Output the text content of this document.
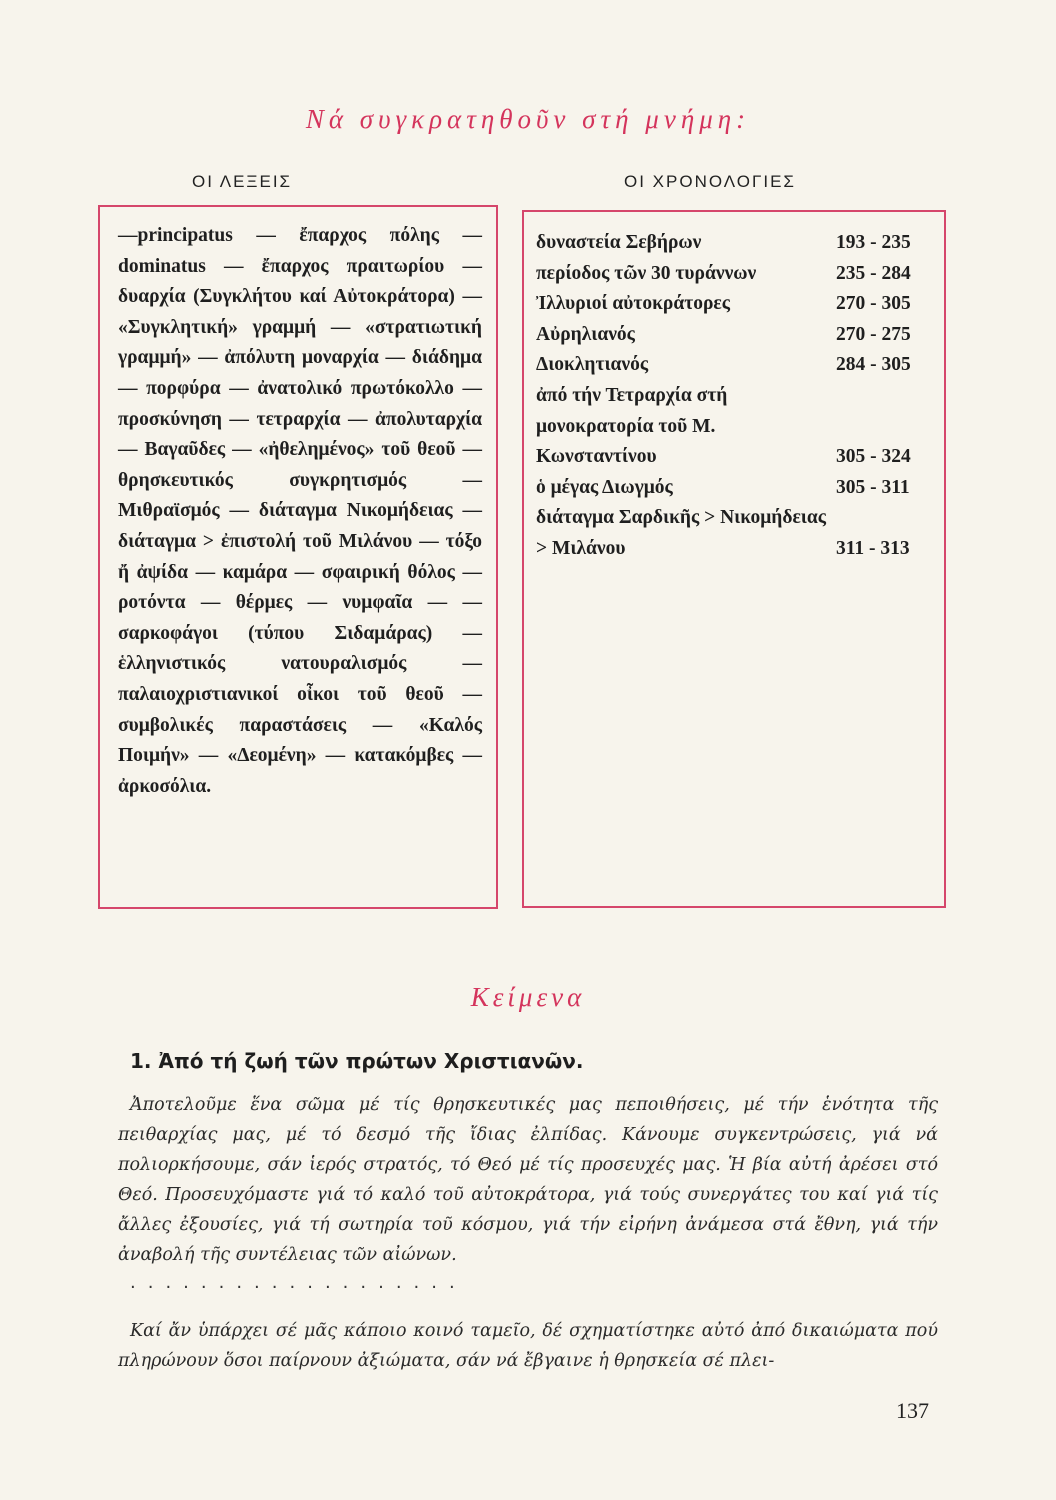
Νά συγκρατηθοῦν στή μνήμη:
ΟΙ ΛΕΞΕΙΣ	ΟΙ ΧΡΟΝΟΛΟΓΙΕΣ
—principatus — ἔπαρχος πόλης — dominatus — ἔπαρχος πραιτωρίου — δυαρχία (Συγκλήτου καί Αὐτοκράτορα) — «Συγκλητική» γραμμή — «στρατιωτική γραμμή» — ἀπόλυτη μοναρχία — διάδημα — πορφύρα — ἀνατολικό πρωτόκολλο — προσκύνηση — τετραρχία — ἀπολυταρχία — Βαγαῦδες — «ἠθελημένος» τοῦ θεοῦ — θρησκευτικός συγκρητισμός — Μιθραϊσμός — διάταγμα Νικομήδειας — διάταγμα > ἐπιστολή τοῦ Μιλάνου — τόξο ἤ ἀψίδα — καμάρα — σφαιρική θόλος — ροτόντα — θέρμες — νυμφαῖα — — σαρκοφάγοι (τύπου Σιδαμάρας) — ἑλληνιστικός νατουραλισμός — παλαιοχριστιανικοί οἶκοι τοῦ θεοῦ — συμβολικές παραστάσεις — «Καλός Ποιμήν» — «Δεομένη» — κατακόμβες — ἀρκοσόλια.
δυναστεία Σεβήρων	193 - 235
περίοδος τῶν 30 τυράννων	235 - 284
Ἰλλυριοί αὐτοκράτορες	270 - 305
Αὐρηλιανός	270 - 275
Διοκλητιανός	284 - 305
ἀπό τήν Τετραρχία στή μονοκρατορία τοῦ Μ. Κωνσταντίνου	305 - 324
ὁ μέγας Διωγμός	305 - 311
διάταγμα Σαρδικῆς > Νικομήδειας > Μιλάνου	311 - 313
Κείμενα
1. Ἀπό τή ζωή τῶν πρώτων Χριστιανῶν.
Ἀποτελοῦμε ἕνα σῶμα μέ τίς θρησκευτικές μας πεποιθήσεις, μέ τήν ἑνότητα τῆς πειθαρχίας μας, μέ τό δεσμό τῆς ἴδιας ἐλπίδας. Κάνουμε συγκεντρώσεις, γιά νά πολιορκήσουμε, σάν ἱερός στρατός, τό Θεό μέ τίς προσευχές μας. Ἡ βία αὐτή ἀρέσει στό Θεό. Προσευχόμαστε γιά τό καλό τοῦ αὐτοκράτορα, γιά τούς συνεργάτες του καί γιά τίς ἄλλες ἐξουσίες, γιά τή σωτηρία τοῦ κόσμου, γιά τήν εἰρήνη ἀνάμεσα στά ἔθνη, γιά τήν ἀναβολή τῆς συντέλειας τῶν αἰώνων.
...................
Καί ἄν ὑπάρχει σέ μᾶς κάποιο κοινό ταμεῖο, δέ σχηματίστηκε αὐτό ἀπό δικαιώματα πού πληρώνουν ὅσοι παίρνουν ἀξιώματα, σάν νά ἔβγαινε ἡ θρησκεία σέ πλει-
137
